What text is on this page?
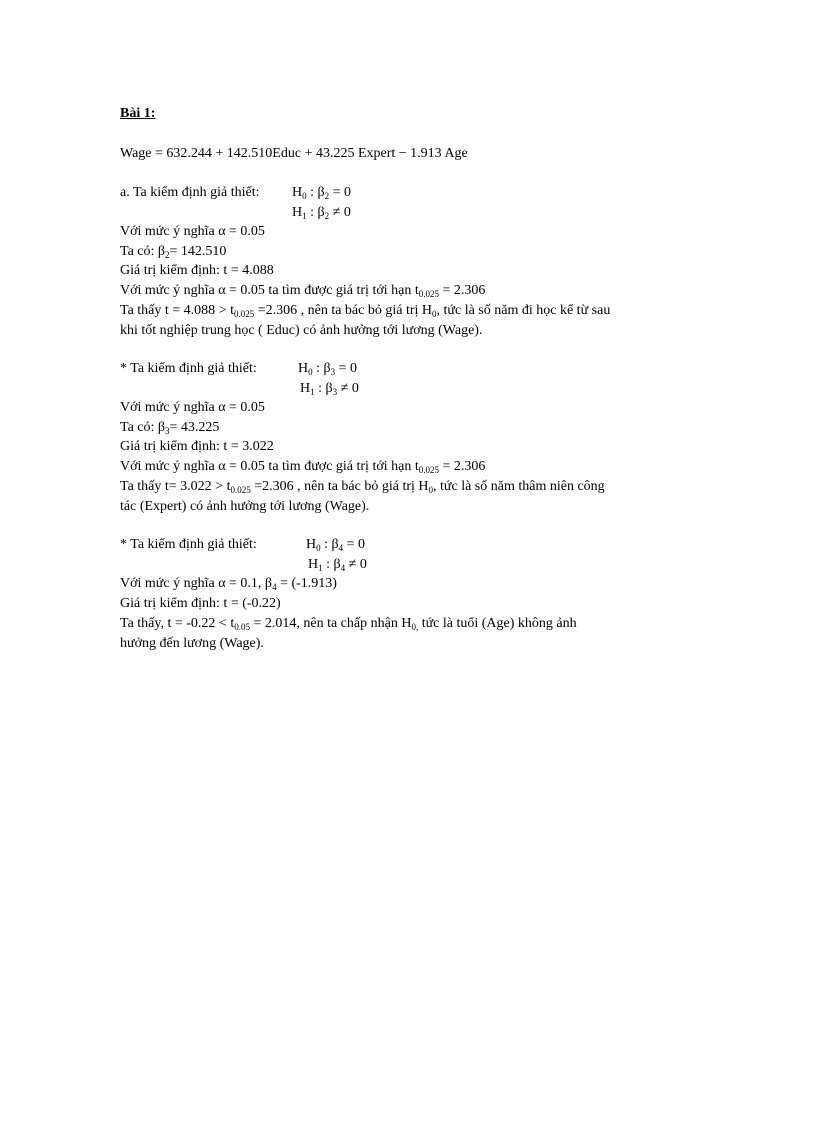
Bài 1:
Wage = 632.244 + 142.510Educ + 43.225 Expert − 1.913 Age
a. Ta kiểm định giả thiết: $H_0$ : $\beta_2 = 0$
$H_1$ : $\beta_2 \ne 0$
Với mức ý nghĩa α = 0.05
Ta có: $\beta_2= 142.510$
Giá trị kiểm định: t = 4.088
Với mức ý nghĩa α = 0.05 ta tìm được giá trị tới hạn $t_{0.025} = 2.306$
Ta thấy $t = 4.088 > t_{0.025} =2.306$ , nên ta bác bỏ giá trị $H_0$, tức là số năm đi học kể từ sau
khi tốt nghiệp trung học ( Educ) có ảnh hưởng tới lương (Wage).
* Ta kiểm định giả thiết:	$H_0$ : $\beta_3 = 0$
$H_1$ : $\beta_3 \ne 0$
Với mức ý nghĩa α = 0.05
Ta có: $\beta_3= 43.225$
Giá trị kiểm định: t = 3.022
Với mức ý nghĩa α = 0.05 ta tìm được giá trị tới hạn $t_{0.025} = 2.306$
Ta thấy $t= 3.022 > t_{0.025} =2.306$ , nên ta bác bỏ giá trị $H_0$, tức là số năm thâm niên công
tác (Expert) có ảnh hưởng tới lương (Wage).
* Ta kiểm định giả thiết:	$H_0$ : $\beta_4 = 0$
$H_1$ : $\beta_4 \ne 0$
Với mức ý nghĩa α = 0.1, $\beta_4 = (-1.913)$
Giá trị kiểm định: t = (-0.22)
Ta thấy, $t = -0.22 < t_{0.05} = 2.014$, nên ta chấp nhận $H_{0,}$ tức là tuổi (Age) không ảnh
hưởng đến lương (Wage).
